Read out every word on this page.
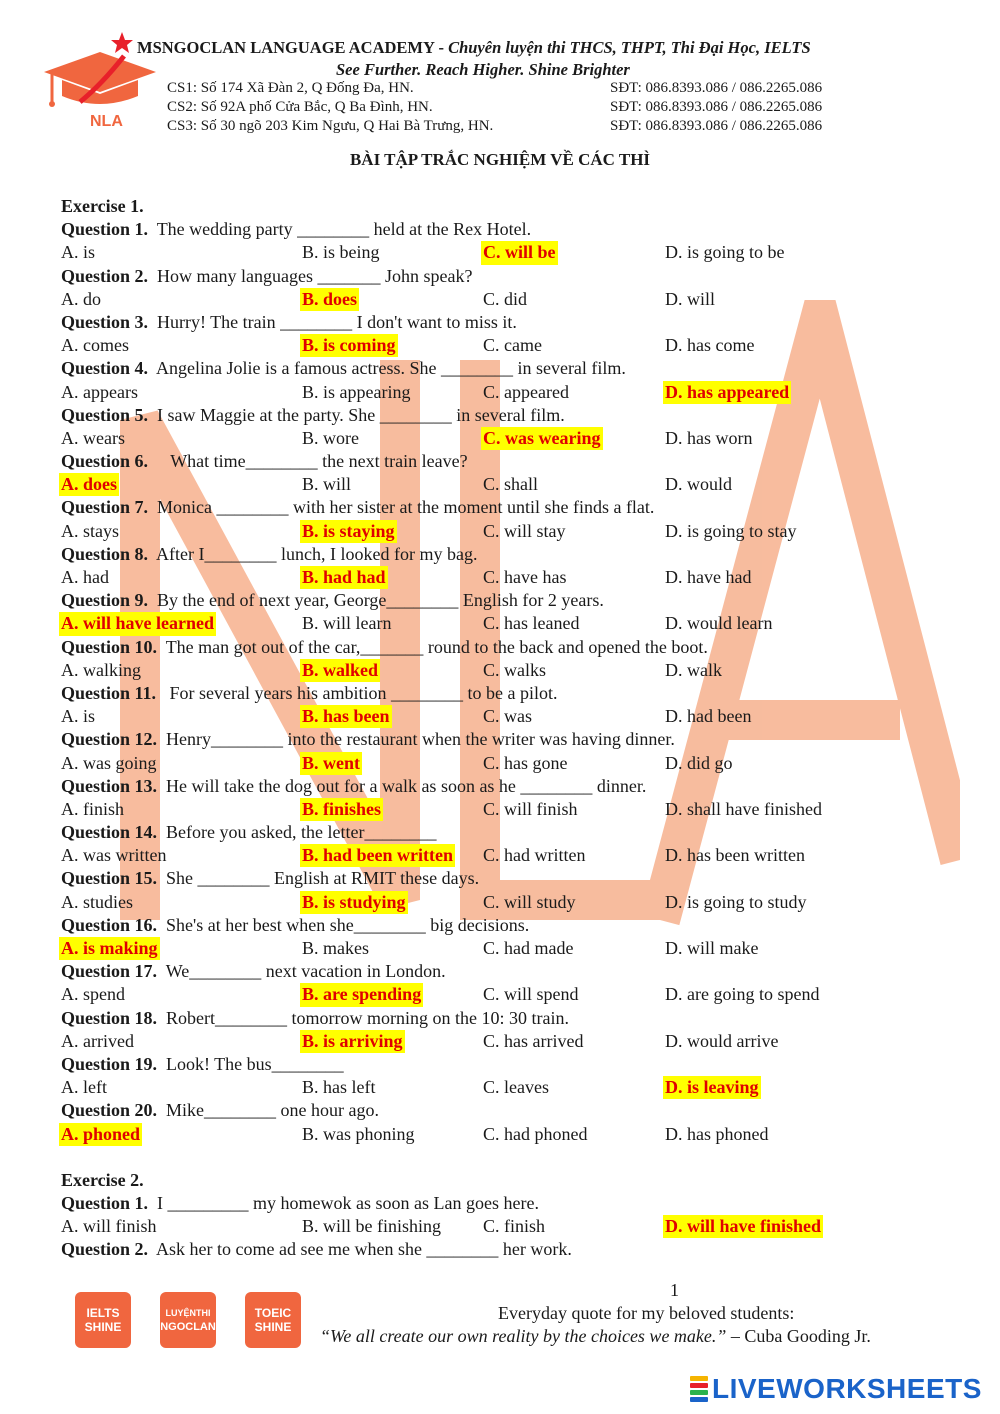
NLA
MSNGOCLAN LANGUAGE ACADEMY - Chuyên luyện thi THCS, THPT, Thi Đại Học, IELTS
See Further. Reach Higher. Shine Brighter
CS1: Số 174 Xã Đàn 2, Q Đống Đa, HN.	SĐT: 086.8393.086 / 086.2265.086
CS2: Số 92A phố Cửa Bắc, Q Ba Đình, HN.	SĐT: 086.8393.086 / 086.2265.086
CS3: Số 30 ngõ 203 Kim Ngưu, Q Hai Bà Trưng, HN.	SĐT: 086.8393.086 / 086.2265.086
BÀI TẬP TRẮC NGHIỆM VỀ CÁC THÌ
Exercise 1.
Question 1.  The wedding party ________ held at the Rex Hotel.
A. is	B. is being	C. will be	D. is going to be
Question 2.  How many languages _______ John speak?
A. do	B. does	C. did	D. will
Question 3.  Hurry! The train ________ I don't want to miss it.
A. comes	B. is coming	C. came	D. has come
Question 4.  Angelina Jolie is a famous actress. She ________ in several film.
A. appears	B. is appearing	C. appeared	D. has appeared
Question 5.  I saw Maggie at the party. She ________ in several film.
A. wears	B. wore	C. was wearing	D. has worn
Question 6.     What time________ the next train leave?
A. does	B. will	C. shall	D. would
Question 7.  Monica ________ with her sister at the moment until she finds a flat.
A. stays	B. is staying	C. will stay	D. is going to stay
Question 8.  After I________ lunch, I looked for my bag.
A. had	B. had had	C. have has	D. have had
Question 9.  By the end of next year, George________ English for 2 years.
A. will have learned	B. will learn	C. has leaned	D. would learn
Question 10.  The man got out of the car,_______ round to the back and opened the boot.
A. walking	B. walked	C. walks	D. walk
Question 11.   For several years his ambition ________ to be a pilot.
A. is	B. has been	C. was	D. had been
Question 12.  Henry________ into the restaurant when the writer was having dinner.
A. was going	B. went	C. has gone	D. did go
Question 13.  He will take the dog out for a walk as soon as he ________ dinner.
A. finish	B. finishes	C. will finish	D. shall have finished
Question 14.  Before you asked, the letter________
A. was written	B. had been written C. had written	D. has been written
Question 15.  She ________ English at RMIT these days.
A. studies	B. is studying	C. will study	D. is going to study
Question 16.  She's at her best when she________ big decisions.
A. is making	B. makes	C. had made	D. will make
Question 17.  We________ next vacation in London.
A. spend	B. are spending	C. will spend	D. are going to spend
Question 18.  Robert________ tomorrow morning on the 10: 30 train.
A. arrived	B. is arriving	C. has arrived	D. would arrive
Question 19.  Look! The bus________
A. left	B. has left	C. leaves	D. is leaving
Question 20.  Mike________ one hour ago.
A. phoned	B. was phoning	C. had phoned	D. has phoned
Exercise 2.
Question 1.  I _________ my homewok as soon as Lan goes here.
A. will finish	B. will be finishing C. finish	D. will have finished
Question 2.  Ask her to come ad see me when she ________ her work.
IELTS
SHINE
LUYỆNTHI
NGOCLAN
TOEIC
SHINE
1
Everyday quote for my beloved students:
“We all create our own reality by the choices we make.” – Cuba Gooding Jr.
LIVEWORKSHEETS
